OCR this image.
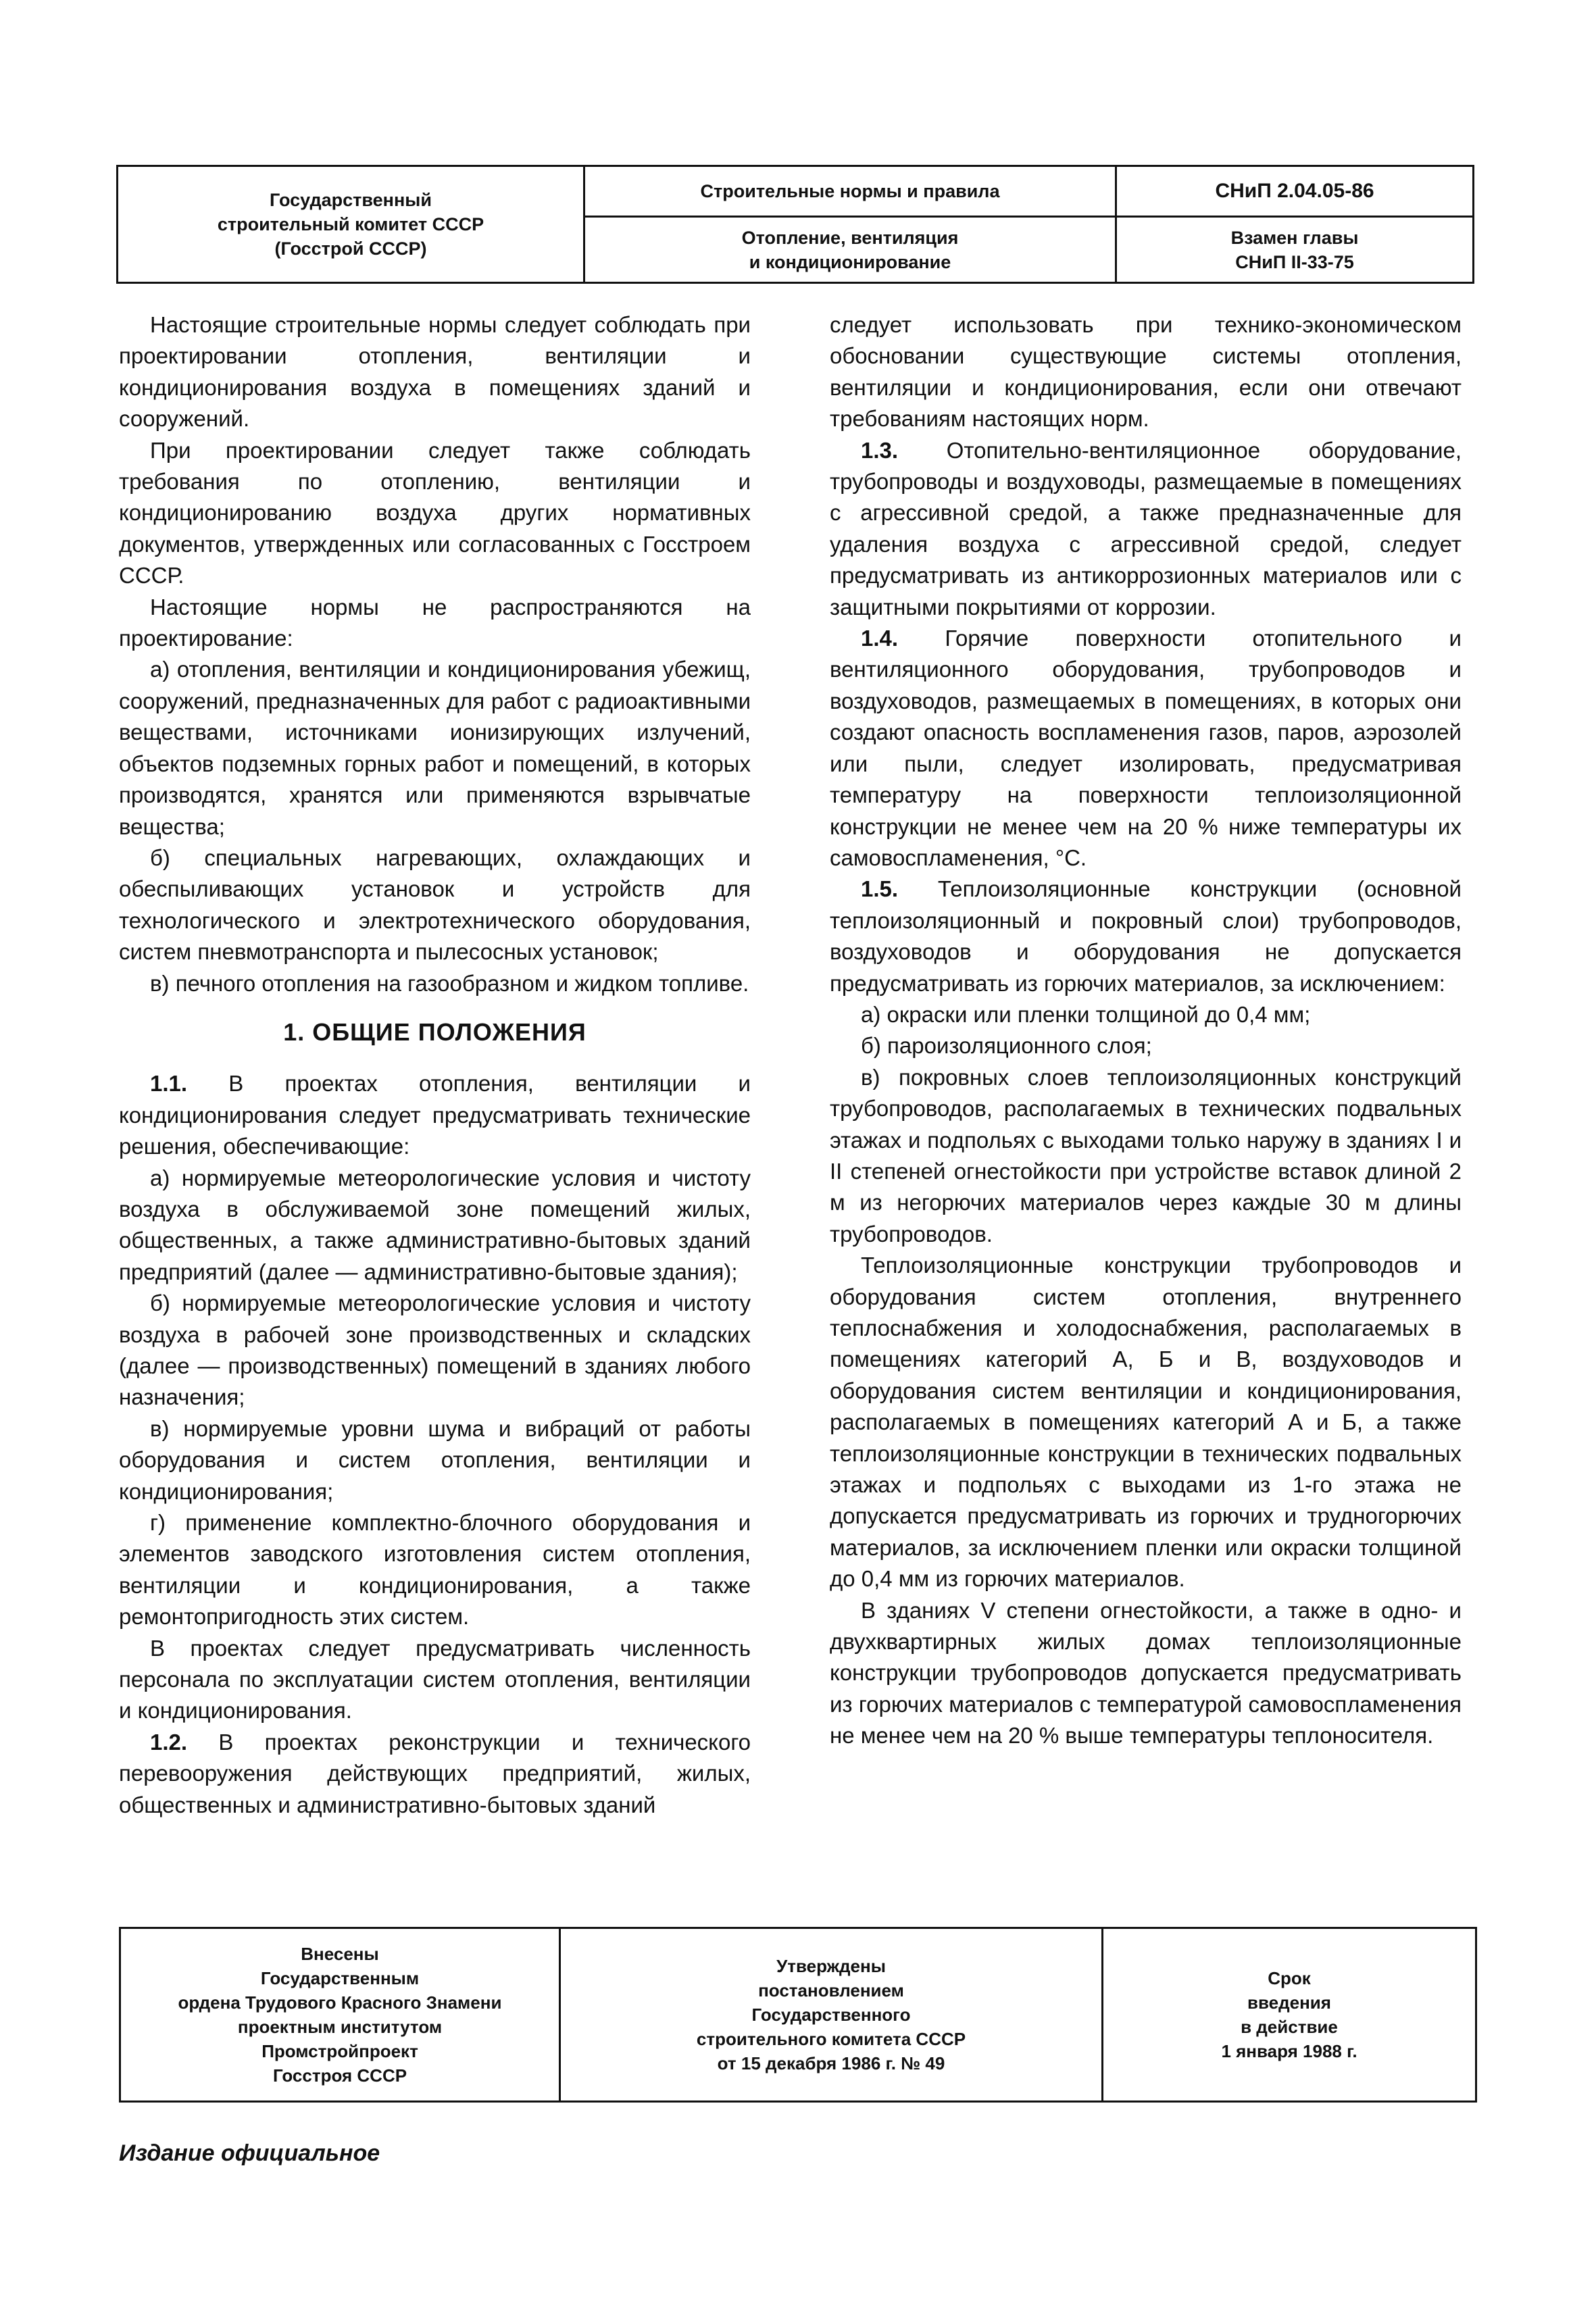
Государственный
строительный комитет СССР
(Госстрой СССР)
Строительные нормы и правила
Отопление, вентиляция
и кондиционирование
СНиП 2.04.05-86
Взамен главы
СНиП II-33-75

Настоящие строительные нормы следует соблюдать при проектировании отопления, вентиляции и кондиционирования воздуха в помещениях зданий и сооружений.

При проектировании следует также соблюдать требования по отоплению, вентиляции и кондиционированию воздуха других нормативных документов, утвержденных или согласованных с Госстроем СССР.

Настоящие нормы не распространяются на проектирование:

а) отопления, вентиляции и кондиционирования убежищ, сооружений, предназначенных для работ с радиоактивными веществами, источниками ионизирующих излучений, объектов подземных горных работ и помещений, в которых производятся, хранятся или применяются взрывчатые вещества;

б) специальных нагревающих, охлаждающих и обеспыливающих установок и устройств для технологического и электротехнического оборудования, систем пневмотранспорта и пылесосных установок;

в) печного отопления на газообразном и жидком топливе.

1. ОБЩИЕ ПОЛОЖЕНИЯ

1.1. В проектах отопления, вентиляции и кондиционирования следует предусматривать технические решения, обеспечивающие:

а) нормируемые метеорологические условия и чистоту воздуха в обслуживаемой зоне помещений жилых, общественных, а также административно-бытовых зданий предприятий (далее — административно-бытовые здания);

б) нормируемые метеорологические условия и чистоту воздуха в рабочей зоне производственных и складских (далее — производственных) помещений в зданиях любого назначения;

в) нормируемые уровни шума и вибраций от работы оборудования и систем отопления, вентиляции и кондиционирования;

г) применение комплектно-блочного оборудования и элементов заводского изготовления систем отопления, вентиляции и кондиционирования, а также ремонтопригодность этих систем.

В проектах следует предусматривать численность персонала по эксплуатации систем отопления, вентиляции и кондиционирования.

1.2. В проектах реконструкции и технического перевооружения действующих предприятий, жилых, общественных и административно-бытовых зданий

следует использовать при технико-экономическом обосновании существующие системы отопления, вентиляции и кондиционирования, если они отвечают требованиям настоящих норм.

1.3. Отопительно-вентиляционное оборудование, трубопроводы и воздуховоды, размещаемые в помещениях с агрессивной средой, а также предназначенные для удаления воздуха с агрессивной средой, следует предусматривать из антикоррозионных материалов или с защитными покрытиями от коррозии.

1.4. Горячие поверхности отопительного и вентиляционного оборудования, трубопроводов и воздуховодов, размещаемых в помещениях, в которых они создают опасность воспламенения газов, паров, аэрозолей или пыли, следует изолировать, предусматривая температуру на поверхности теплоизоляционной конструкции не менее чем на 20 % ниже температуры их самовоспламенения, °С.

1.5. Теплоизоляционные конструкции (основной теплоизоляционный и покровный слои) трубопроводов, воздуховодов и оборудования не допускается предусматривать из горючих материалов, за исключением:

а) окраски или пленки толщиной до 0,4 мм;

б) пароизоляционного слоя;

в) покровных слоев теплоизоляционных конструкций трубопроводов, располагаемых в технических подвальных этажах и подпольях с выходами только наружу в зданиях I и II степеней огнестойкости при устройстве вставок длиной 2 м из негорючих материалов через каждые 30 м длины трубопроводов.

Теплоизоляционные конструкции трубопроводов и оборудования систем отопления, внутреннего теплоснабжения и холодоснабжения, располагаемых в помещениях категорий А, Б и В, воздуховодов и оборудования систем вентиляции и кондиционирования, располагаемых в помещениях категорий А и Б, а также теплоизоляционные конструкции в технических подвальных этажах и подпольях с выходами из 1-го этажа не допускается предусматривать из горючих и трудногорючих материалов, за исключением пленки или окраски толщиной до 0,4 мм из горючих материалов.

В зданиях V степени огнестойкости, а также в одно- и двухквартирных жилых домах теплоизоляционные конструкции трубопроводов допускается предусматривать из горючих материалов с температурой самовоспламенения не менее чем на 20 % выше температуры теплоносителя.

Внесены
Государственным
ордена Трудового Красного Знамени
проектным институтом
Промстройпроект
Госстроя СССР
Утверждены
постановлением
Государственного
строительного комитета СССР
от 15 декабря 1986 г. № 49
Срок
введения
в действие
1 января 1988 г.
Издание официальное
